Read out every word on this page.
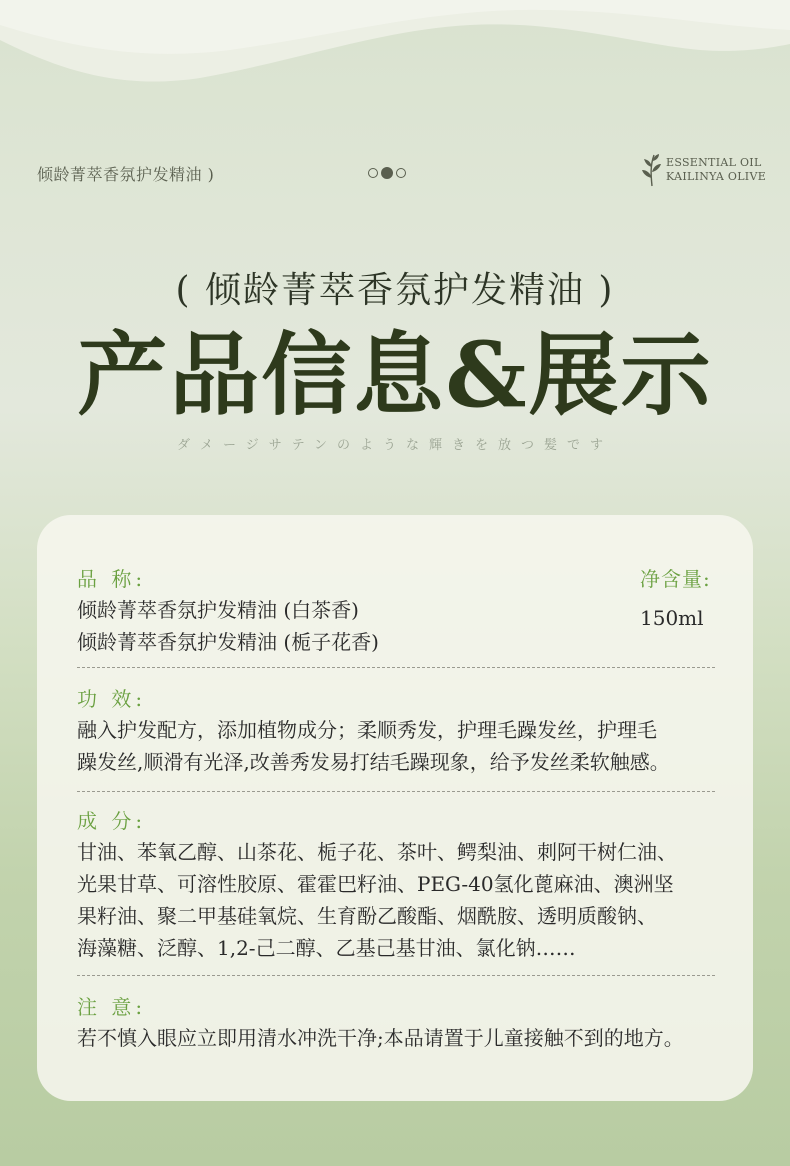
倾龄菁萃香氛护发精油 )
ESSENTIAL OIL
KAILINYA OLIVE
( 倾龄菁萃香氛护发精油 )
产品信息&展示
ダメージサテンのような輝きを放つ髪です
品 称:
倾龄菁萃香氛护发精油 (白茶香)
倾龄菁萃香氛护发精油 (栀子花香)
净含量:
150ml
功 效:
融入护发配方，添加植物成分；柔顺秀发，护理毛躁发丝，护理毛
躁发丝,顺滑有光泽,改善秀发易打结毛躁现象，给予发丝柔软触感。
成 分:
甘油、苯氧乙醇、山茶花、栀子花、茶叶、鳄梨油、刺阿干树仁油、
光果甘草、可溶性胶原、霍霍巴籽油、PEG-40氢化蓖麻油、澳洲坚
果籽油、聚二甲基硅氧烷、生育酚乙酸酯、烟酰胺、透明质酸钠、
海藻糖、泛醇、1,2-己二醇、乙基己基甘油、氯化钠……
注 意:
若不慎入眼应立即用清水冲洗干净;本品请置于儿童接触不到的地方。
